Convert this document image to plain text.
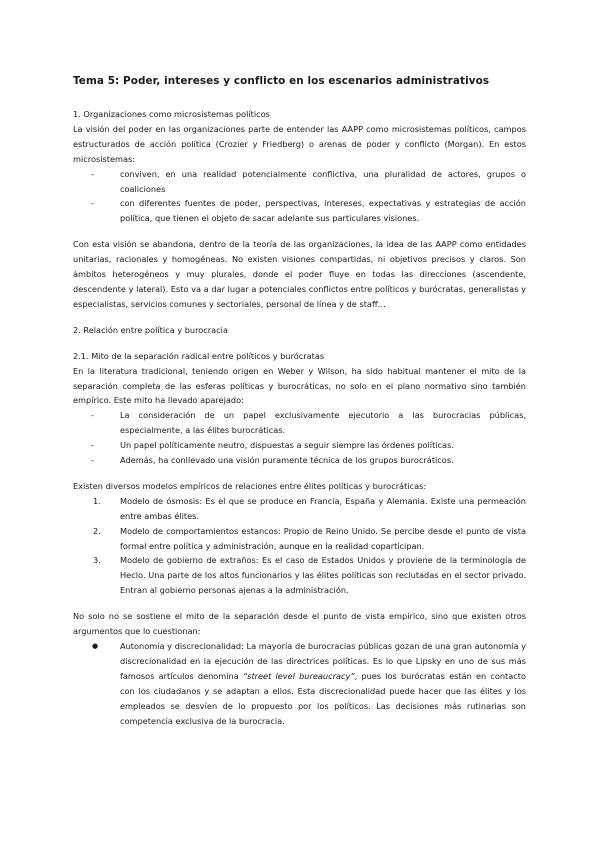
Tema 5: Poder, intereses y conflicto en los escenarios administrativos

1. Organizaciones como microsistemas políticos

La visión del poder en las organizaciones parte de entender las AAPP como microsistemas políticos, campos estructurados de acción política (Crozier y Friedberg) o arenas de poder y conflicto (Morgan). En estos microsistemas:

-	conviven, en una realidad potencialmente conflictiva, una pluralidad de actores, grupos o coaliciones
-	con diferentes fuentes de poder, perspectivas, intereses, expectativas y estrategias de acción política, que tienen el objeto de sacar adelante sus particulares visiones.

Con esta visión se abandona, dentro de la teoría de las organizaciones, la idea de las AAPP como entidades unitarias, racionales y homogéneas. No existen visiones compartidas, ni objetivos precisos y claros. Son ámbitos heterogéneos y muy plurales, donde el poder fluye en todas las direcciones (ascendente, descendente y lateral). Esto va a dar lugar a potenciales conflictos entre políticos y burócratas, generalistas y especialistas, servicios comunes y sectoriales, personal de línea y de staff…

2. Relación entre política y burocracia

2.1. Mito de la separación radical entre políticos y burócratas

En la literatura tradicional, teniendo origen en Weber y Wilson, ha sido habitual mantener el mito de la separación completa de las esferas políticas y burocráticas, no solo en el plano normativo sino también empírico. Este mito ha llevado aparejado:

-	La consideración de un papel exclusivamente ejecutorio a las burocracias públicas, especialmente, a las élites burocráticas.
-	Un papel políticamente neutro, dispuestas a seguir siempre las órdenes políticas.
-	Además, ha conllevado una visión puramente técnica de los grupos burocráticos.

Existen diversos modelos empíricos de relaciones entre élites políticas y burocráticas:

1. Modelo de ósmosis: Es el que se produce en Francia, España y Alemania. Existe una permeación entre ambas élites.
2. Modelo de comportamientos estancos: Propio de Reino Unido. Se percibe desde el punto de vista formal entre política y administración, aunque en la realidad copartícipan.
3. Modelo de gobierno de extraños: Es el caso de Estados Unidos y proviene de la terminología de Heclo. Una parte de los altos funcionarios y las élites políticas son reclutadas en el sector privado. Entran al gobierno personas ajenas a la administración.

No solo no se sostiene el mito de la separación desde el punto de vista empírico, sino que existen otros argumentos que lo cuestionan:

●	Autonomía y discrecionalidad: La mayoría de burocracias públicas gozan de una gran autonomía y discrecionalidad en la ejecución de las directrices políticas. Es lo que Lipsky en uno de sus más famosos artículos denomina “street level bureaucracy”, pues los burócratas están en contacto con los ciudadanos y se adaptan a ellos. Esta discrecionalidad puede hacer que las élites y los empleados se desvíen de lo propuesto por los políticos. Las decisiones más rutinarias son competencia exclusiva de la burocracia.
